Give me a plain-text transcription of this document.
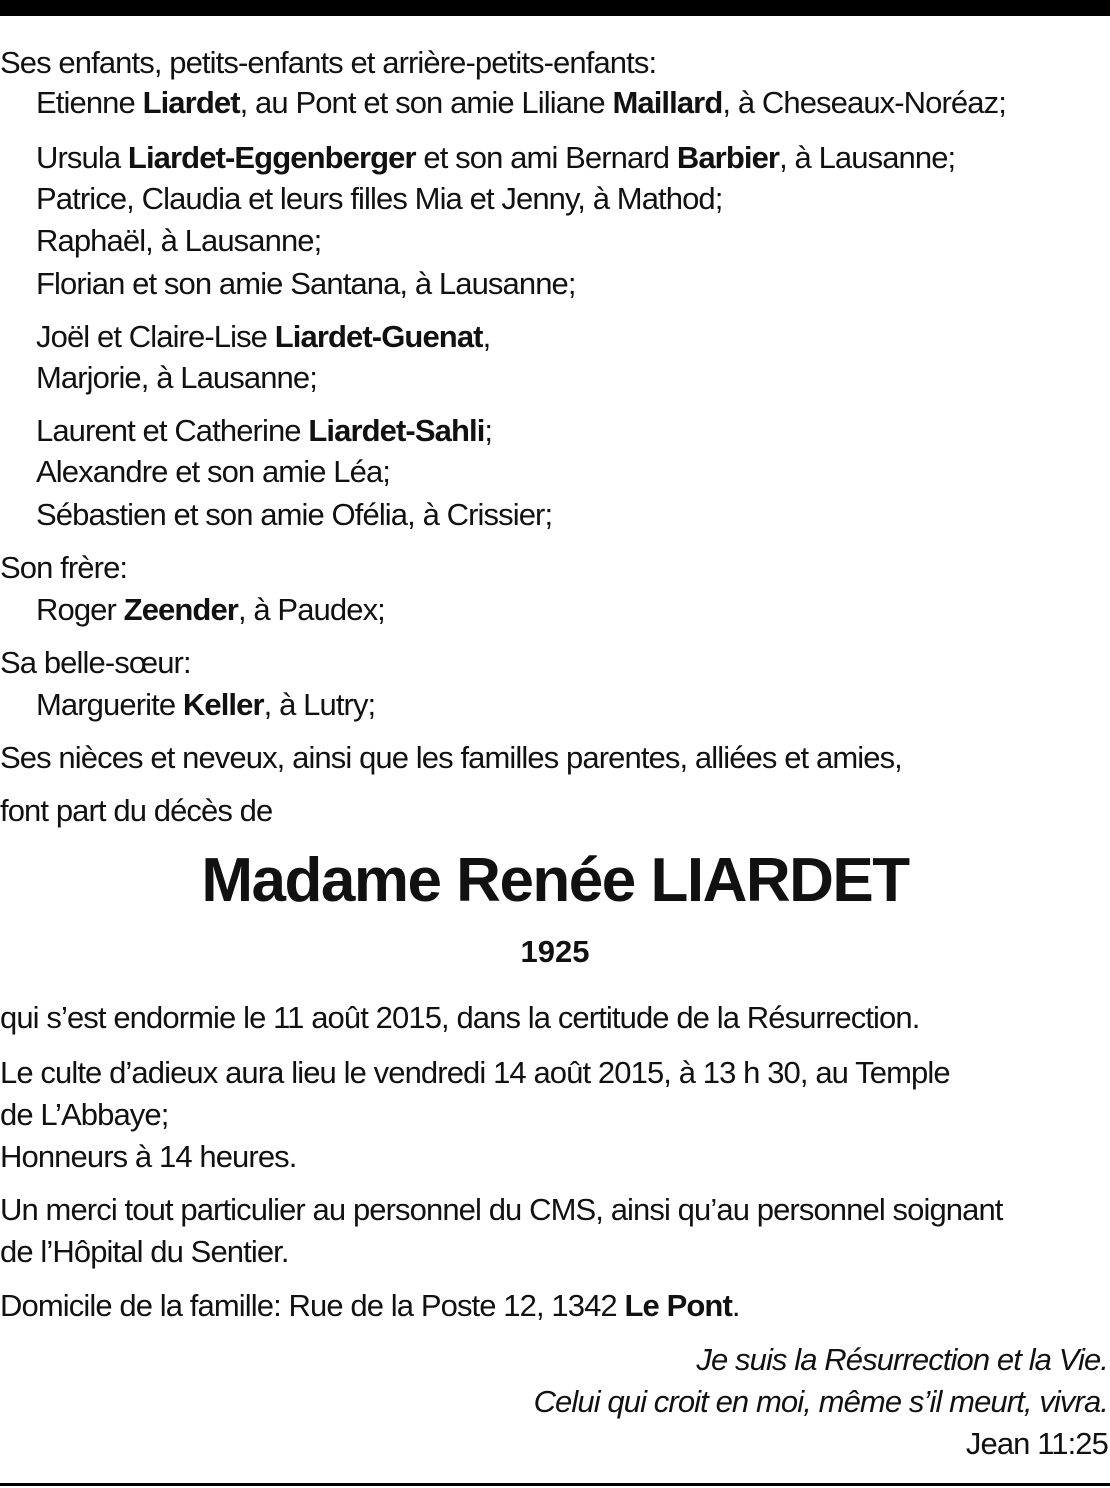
Ses enfants, petits-enfants et arrière-petits-enfants:
Etienne Liardet, au Pont et son amie Liliane Maillard, à Cheseaux-Noréaz;
Ursula Liardet-Eggenberger et son ami Bernard Barbier, à Lausanne;
Patrice, Claudia et leurs filles Mia et Jenny, à Mathod;
Raphaël, à Lausanne;
Florian et son amie Santana, à Lausanne;
Joël et Claire-Lise Liardet-Guenat,
Marjorie, à Lausanne;
Laurent et Catherine Liardet-Sahli;
Alexandre et son amie Léa;
Sébastien et son amie Ofélia, à Crissier;
Son frère:
Roger Zeender, à Paudex;
Sa belle-sœur:
Marguerite Keller, à Lutry;
Ses nièces et neveux, ainsi que les familles parentes, alliées et amies,
font part du décès de
qui s’est endormie le 11 août 2015, dans la certitude de la Résurrection.
Le culte d’adieux aura lieu le vendredi 14 août 2015, à 13 h 30, au Temple
de L’Abbaye;
Honneurs à 14 heures.
Un merci tout particulier au personnel du CMS, ainsi qu’au personnel soignant
de l’Hôpital du Sentier.
Domicile de la famille: Rue de la Poste 12, 1342 Le Pont.
Madame Renée LIARDET
1925
Je suis la Résurrection et la Vie.
Celui qui croit en moi, même s’il meurt, vivra.
Jean 11:25
